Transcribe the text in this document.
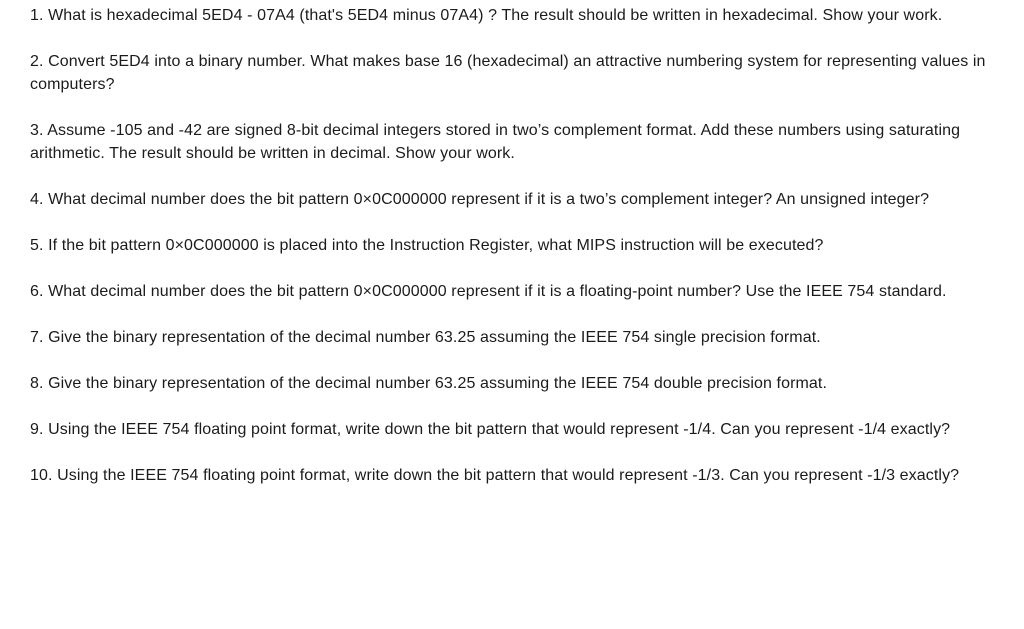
1. What is hexadecimal 5ED4 - 07A4 (that's 5ED4 minus 07A4) ? The result should be written in hexadecimal. Show your work.

2. Convert 5ED4 into a binary number. What makes base 16 (hexadecimal) an attractive numbering system for representing values in computers?

3. Assume -105 and -42 are signed 8-bit decimal integers stored in two’s complement format. Add these numbers using saturating arithmetic. The result should be written in decimal. Show your work.

4. What decimal number does the bit pattern 0×0C000000 represent if it is a two’s complement integer? An unsigned integer?

5. If the bit pattern 0×0C000000 is placed into the Instruction Register, what MIPS instruction will be executed?

6. What decimal number does the bit pattern 0×0C000000 represent if it is a floating-point number? Use the IEEE 754 standard.

7. Give the binary representation of the decimal number 63.25 assuming the IEEE 754 single precision format.

8. Give the binary representation of the decimal number 63.25 assuming the IEEE 754 double precision format.

9. Using the IEEE 754 floating point format, write down the bit pattern that would represent -1/4. Can you represent -1/4 exactly?

10. Using the IEEE 754 floating point format, write down the bit pattern that would represent -1/3. Can you represent -1/3 exactly?
